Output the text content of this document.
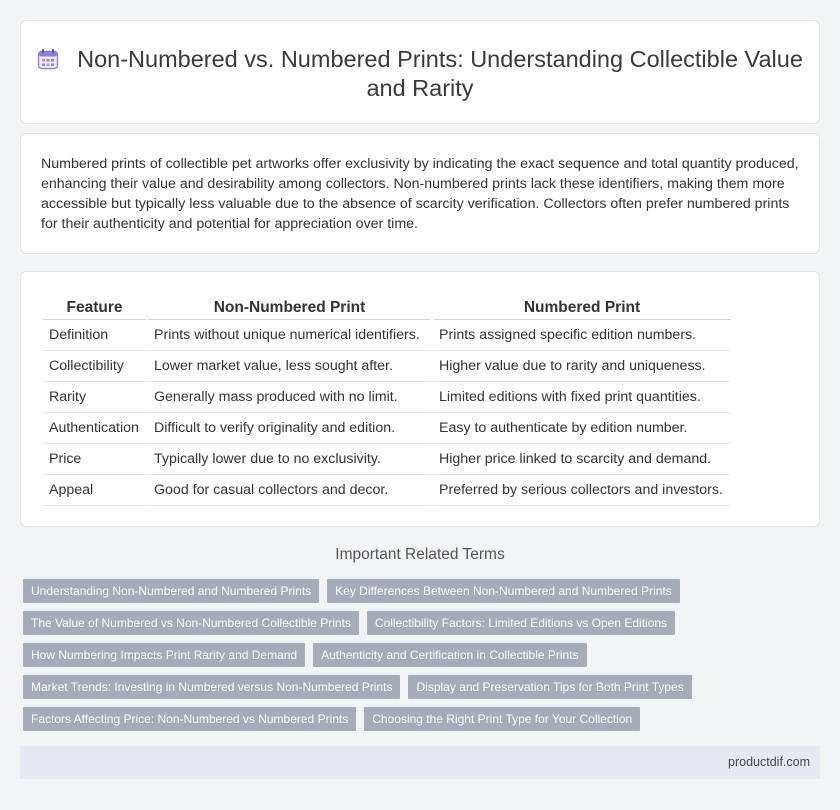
Non-Numbered vs. Numbered Prints: Understanding Collectible Value and Rarity

Numbered prints of collectible pet artworks offer exclusivity by indicating the exact sequence and total quantity produced, enhancing their value and desirability among collectors. Non-numbered prints lack these identifiers, making them more accessible but typically less valuable due to the absence of scarcity verification. Collectors often prefer numbered prints for their authenticity and potential for appreciation over time.

Feature	Non-Numbered Print	Numbered Print
Definition	Prints without unique numerical identifiers.	Prints assigned specific edition numbers.
Collectibility	Lower market value, less sought after.	Higher value due to rarity and uniqueness.
Rarity	Generally mass produced with no limit.	Limited editions with fixed print quantities.
Authentication	Difficult to verify originality and edition.	Easy to authenticate by edition number.
Price	Typically lower due to no exclusivity.	Higher price linked to scarcity and demand.
Appeal	Good for casual collectors and decor.	Preferred by serious collectors and investors.
Important Related Terms
Understanding Non-Numbered and Numbered Prints	Key Differences Between Non-Numbered and Numbered Prints
The Value of Numbered vs Non-Numbered Collectible Prints	Collectibility Factors: Limited Editions vs Open Editions
How Numbering Impacts Print Rarity and Demand	Authenticity and Certification in Collectible Prints
Market Trends: Investing in Numbered versus Non-Numbered Prints	Display and Preservation Tips for Both Print Types
Factors Affecting Price: Non-Numbered vs Numbered Prints	Choosing the Right Print Type for Your Collection
productdif.com
